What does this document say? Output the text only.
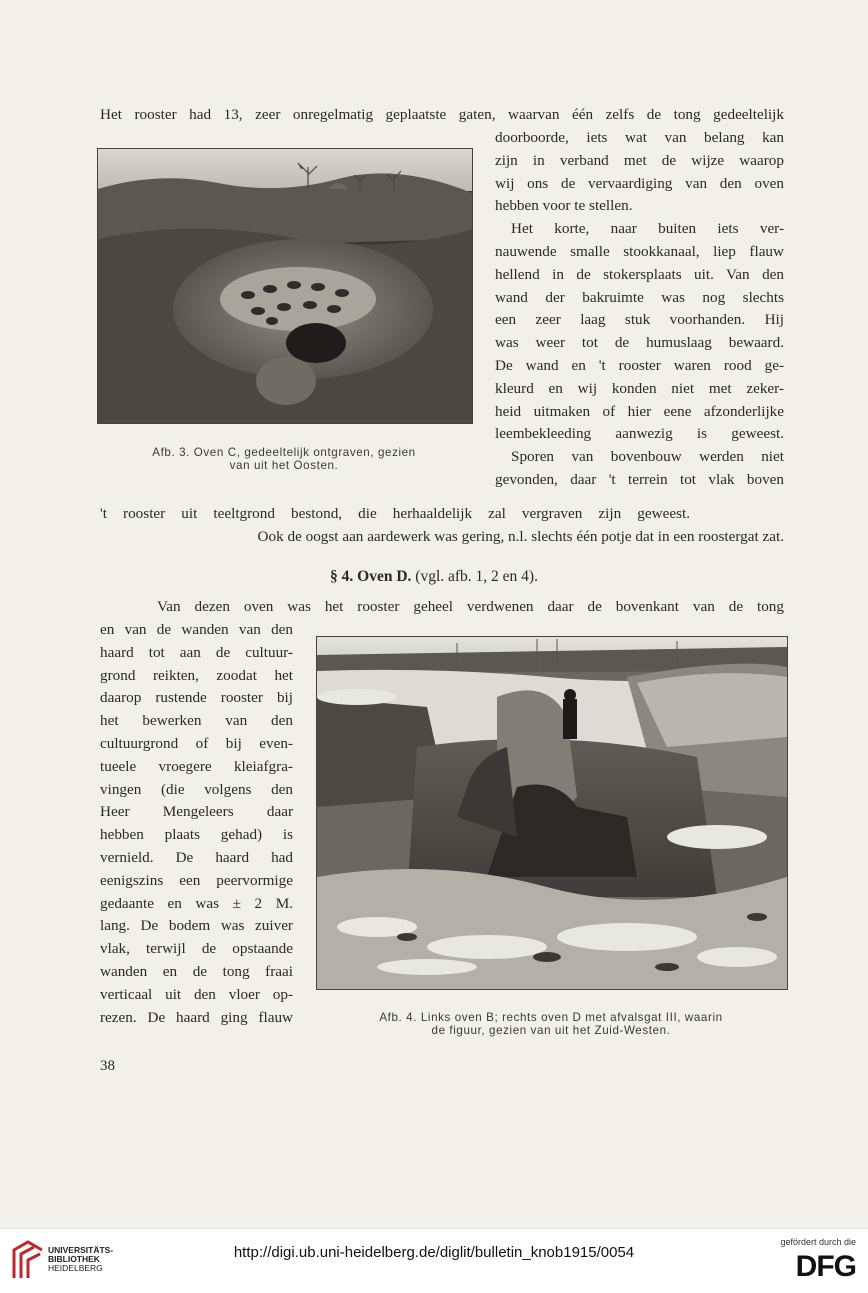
Het rooster had 13, zeer onregelmatig geplaatste gaten, waarvan één zelfs de tong gedeeltelijk

doorboorde, iets wat van belang kan
zijn in verband met de wijze waarop
wij ons de vervaardiging van den oven
hebben voor te stellen.
Het korte, naar buiten iets ver-
nauwende smalle stookkanaal, liep flauw
hellend in de stokersplaats uit. Van den
wand der bakruimte was nog slechts
een zeer laag stuk voorhanden. Hij
was weer tot de humuslaag bewaard.
De wand en 't rooster waren rood ge-
kleurd en wij konden niet met zeker-
heid uitmaken of hier eene afzonderlijke
leembekleeding aanwezig is geweest.
Sporen van bovenbouw werden niet
gevonden, daar 't terrein tot vlak boven
Afb. 3. Oven C, gedeeltelijk ontgraven, gezien
van uit het Oosten.

't rooster uit teeltgrond bestond, die herhaaldelijk zal vergraven zijn geweest.

Ook de oogst aan aardewerk was gering, n.l. slechts één potje dat in een roostergat zat.

§ 4. Oven D. (vgl. afb. 1, 2 en 4).

Van dezen oven was het rooster geheel verdwenen daar de bovenkant van de tong

en van de wanden van den
haard tot aan de cultuur-
grond reikten, zoodat het
daarop rustende rooster bij
het bewerken van den
cultuurgrond of bij even-
tueele vroegere kleiafgra-
vingen (die volgens den
Heer Mengeleers daar
hebben plaats gehad) is
vernield. De haard had
eenigszins een peervormige
gedaante en was ± 2 M.
lang. De bodem was zuiver
vlak, terwijl de opstaande
wanden en de tong fraai
verticaal uit den vloer op-
rezen. De haard ging flauw	Afb. 4. Links oven B; rechts oven D met afvalsgat III, waarin
de figuur, gezien van uit het Zuid-Westen.
38
UNIVERSITÄTS-
BIBLIOTHEK
HEIDELBERG
http://digi.ub.uni-heidelberg.de/diglit/bulletin_knob1915/0054
gefördert durch die
DFG
